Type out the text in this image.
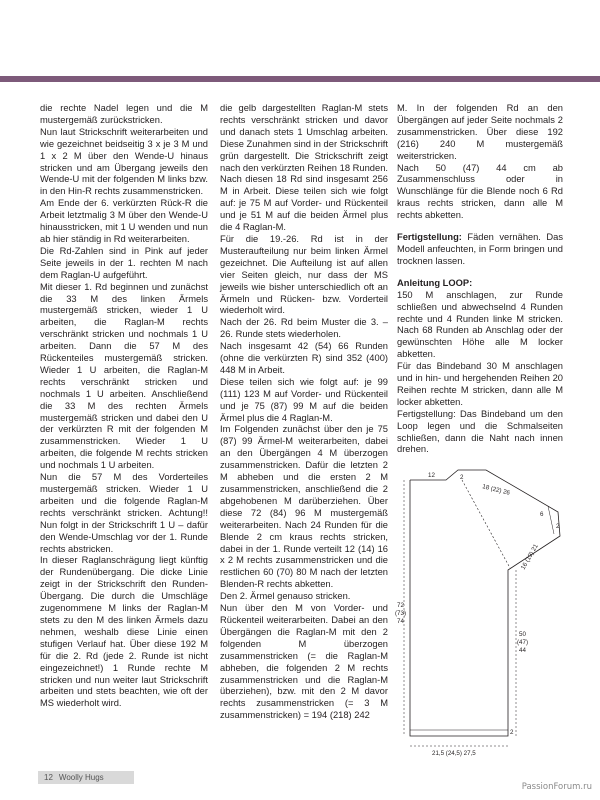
die rechte Nadel legen und die M mustergemäß zurückstricken.

Nun laut Strickschrift weiterarbeiten und wie gezeichnet beidseitig 3 x je 3 M und 1 x 2 M über den Wende-U hinaus stricken und am Übergang jeweils den Wende-U mit der folgenden M links bzw. in den Hin-R rechts zusammenstricken.

Am Ende der 6. verkürzten Rück-R die Arbeit letztmalig 3 M über den Wende-U hinausstricken, mit 1 U wenden und nun ab hier ständig in Rd weiterarbeiten.

Die Rd-Zahlen sind in Pink auf jeder Seite jeweils in der 1. rechten M nach dem Raglan-U aufgeführt.

Mit dieser 1. Rd beginnen und zunächst die 33 M des linken Ärmels mustergemäß stricken, wieder 1 U arbeiten, die Raglan-M rechts verschränkt stricken und nochmals 1 U arbeiten. Dann die 57 M des Rückenteiles mustergemäß stricken. Wieder 1 U arbeiten, die Raglan-M rechts verschränkt stricken und nochmals 1 U arbeiten. Anschließend die 33 M des rechten Ärmels mustergemäß stricken und dabei den U der verkürzten R mit der folgenden M zusammenstricken. Wieder 1 U arbeiten, die folgende M rechts stricken und nochmals 1 U arbeiten.

Nun die 57 M des Vorderteiles mustergemäß stricken. Wieder 1 U arbeiten und die folgende Raglan-M rechts verschränkt stricken. Achtung!! Nun folgt in der Strickschrift 1 U – dafür den Wende-Umschlag vor der 1. Runde rechts abstricken.

In dieser Raglanschrägung liegt künftig der Rundenübergang. Die dicke Linie zeigt in der Strickschrift den Runden-Übergang. Die durch die Umschläge zugenommene M links der Raglan-M stets zu den M des linken Ärmels dazu nehmen, weshalb diese Linie einen stufigen Verlauf hat. Über diese 192 M für die 2. Rd (jede 2. Runde ist nicht eingezeichnet!) 1 Runde rechte M stricken und nun weiter laut Strickschrift arbeiten und stets beachten, wie oft der MS wiederholt wird.

die gelb dargestellten Raglan-M stets rechts verschränkt stricken und davor und danach stets 1 Umschlag arbeiten. Diese Zunahmen sind in der Strickschrift grün dargestellt. Die Strickschrift zeigt nach den verkürzten Reihen 18 Runden. Nach diesen 18 Rd sind insgesamt 256 M in Arbeit. Diese teilen sich wie folgt auf: je 75 M auf Vorder- und Rückenteil und je 51 M auf die beiden Ärmel plus die 4 Raglan-M.

Für die 19.-26. Rd ist in der Musteraufteilung nur beim linken Ärmel gezeichnet. Die Aufteilung ist auf allen vier Seiten gleich, nur dass der MS jeweils wie bisher unterschiedlich oft an Ärmeln und Rücken- bzw. Vorderteil wiederholt wird.

Nach der 26. Rd beim Muster die 3. – 26. Runde stets wiederholen.

Nach insgesamt 42 (54) 66 Runden (ohne die verkürzten R) sind 352 (400) 448 M in Arbeit.

Diese teilen sich wie folgt auf: je 99 (111) 123 M auf Vorder- und Rückenteil und je 75 (87) 99 M auf die beiden Ärmel plus die 4 Raglan-M.

Im Folgenden zunächst über den je 75 (87) 99 Ärmel-M weiterarbeiten, dabei an den Übergängen 4 M überzogen zusammenstricken. Dafür die letzten 2 M abheben und die ersten 2 M zusammenstricken, anschließend die 2 abgehobenen M darüberziehen. Über diese 72 (84) 96 M mustergemäß weiterarbeiten. Nach 24 Runden für die Blende 2 cm kraus rechts stricken, dabei in der 1. Runde verteilt 12 (14) 16 x 2 M rechts zusammenstricken und die restlichen 60 (70) 80 M nach der letzten Blenden-R rechts abketten.

Den 2. Ärmel genauso stricken.

Nun über den M von Vorder- und Rückenteil weiterarbeiten. Dabei an den Übergängen die Raglan-M mit den 2 folgenden M überzogen zusammenstricken (= die Raglan-M abheben, die folgenden 2 M rechts zusammenstricken und die Raglan-M überziehen), bzw. mit den 2 M davor rechts zusammenstricken (= 3 M zusammenstricken) = 194 (218) 242

M. In der folgenden Rd an den Übergängen auf jeder Seite nochmals 2 zusammenstricken. Über diese 192 (216) 240 M mustergemäß weiterstricken.

Nach 50 (47) 44 cm ab Zusammenschluss oder in Wunschlänge für die Blende noch 6 Rd kraus rechts stricken, dann alle M rechts abketten.

Fertigstellung: Fäden vernähen. Das Modell anfeuchten, in Form bringen und trocknen lassen.

Anleitung LOOP:

150 M anschlagen, zur Runde schließen und abwechselnd 4 Runden rechte und 4 Runden linke M stricken. Nach 68 Runden ab Anschlag oder der gewünschten Höhe alle M locker abketten.

Für das Bindeband 30 M anschlagen und in hin- und hergehenden Reihen 20 Reihen rechte M stricken, dann alle M locker abketten.

Fertigstellung: Das Bindeband um den Loop legen und die Schmalseiten schließen, dann die Naht nach innen drehen.

12	2
18 (22) 26
6
2
16 (19) 21
72 (73) 74
50 (47) 44
21,5 (24,5) 27,5
2
12 Woolly Hugs
PassionForum.ru
